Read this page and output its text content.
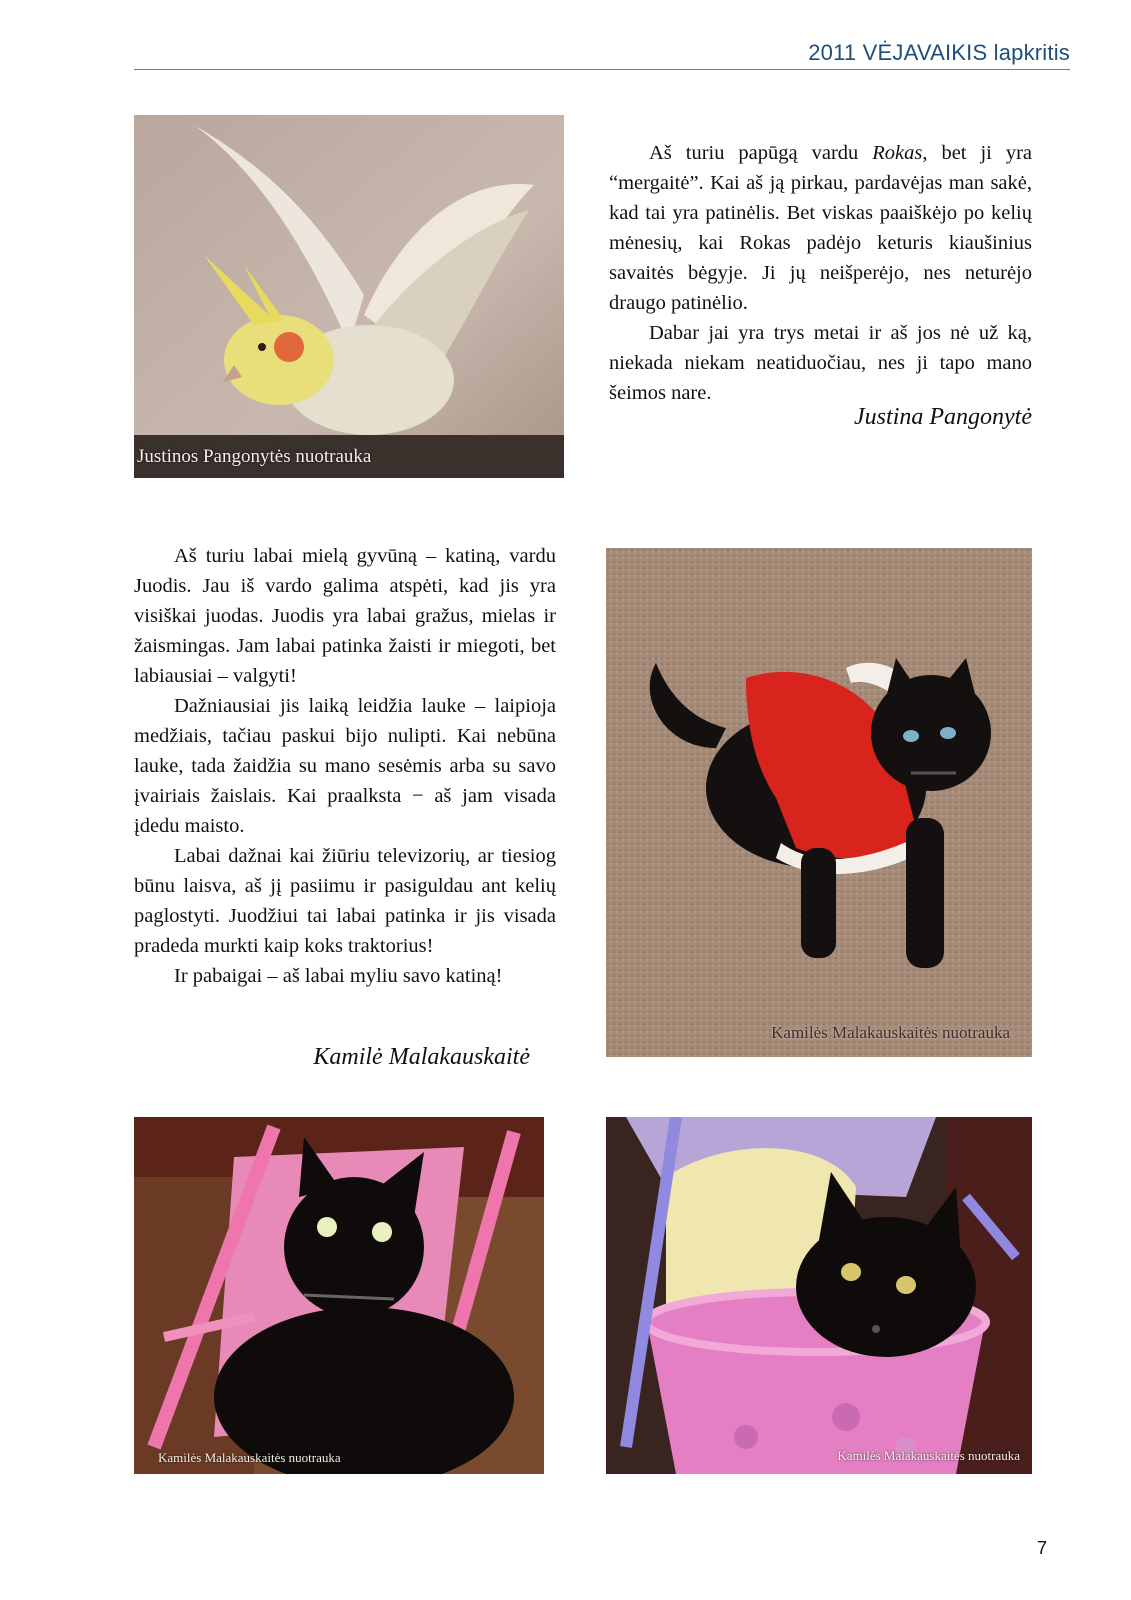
2011 VĖJAVAIKIS lapkritis
Justinos Pangonytės nuotrauka

Aš turiu papūgą vardu Rokas, bet ji yra “mergaitė”. Kai aš ją pirkau, pardavėjas man sakė, kad tai yra patinėlis. Bet viskas paaiškėjo po kelių mėnesių, kai Rokas padėjo keturis kiaušinius savaitės bėgyje. Ji jų neišperėjo, nes neturėjo draugo patinėlio.

Dabar jai yra trys metai ir aš jos nė už ką, niekada niekam neatiduočiau, nes ji tapo mano šeimos nare.

Justina Pangonytė

Aš turiu labai mielą gyvūną – katiną, vardu Juodis. Jau iš vardo galima atspėti, kad jis yra visiškai juodas. Juodis yra labai gražus, mielas ir žaismingas. Jam labai patinka žaisti ir miegoti, bet labiausiai – valgyti!

Dažniausiai jis laiką leidžia lauke – laipioja medžiais, tačiau paskui bijo nulipti. Kai nebūna lauke, tada žaidžia su mano sesėmis arba su savo įvairiais žaislais. Kai praalksta − aš jam visada įdedu maisto.

Labai dažnai kai žiūriu televizorių, ar tiesiog būnu laisva, aš jį pasiimu ir pasiguldau ant kelių paglostyti. Juodžiui tai labai patinka ir jis visada pradeda murkti kaip koks traktorius!

Ir pabaigai – aš labai myliu savo katiną!

Kamilė Malakauskaitė
Kamilės Malakauskaitės nuotrauka
Kamilės Malakauskaitės nuotrauka	Kamilės Malakauskaitės nuotrauka
7
